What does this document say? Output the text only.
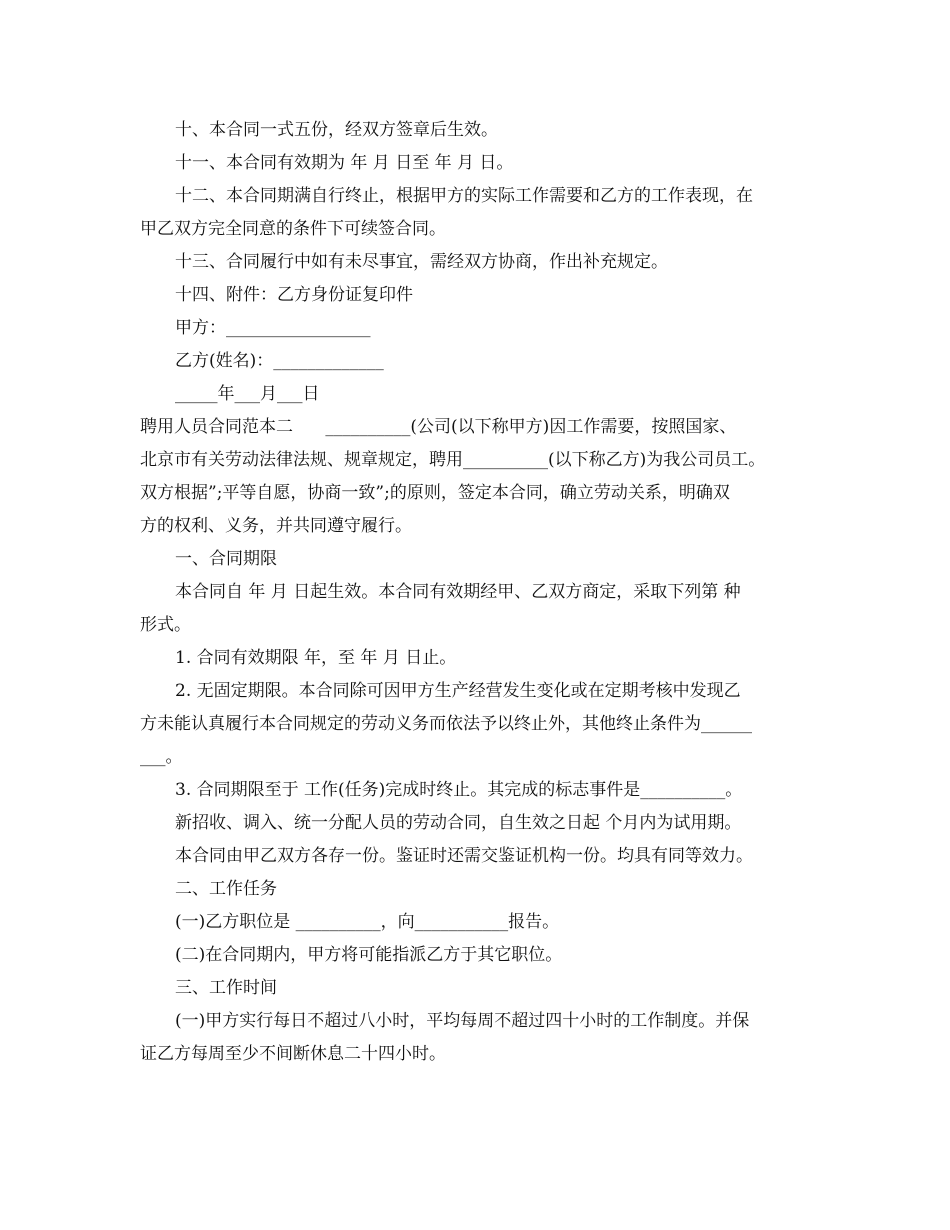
十、本合同一式五份，经双方签章后生效。
十一、本合同有效期为 年 月 日至 年 月 日。
十二、本合同期满自行终止，根据甲方的实际工作需要和乙方的工作表现，在
甲乙双方完全同意的条件下可续签合同。
十三、合同履行中如有未尽事宜，需经双方协商，作出补充规定。
十四、附件：乙方身份证复印件
甲方：_________________
乙方(姓名)：_____________
_____年___月___日
聘用人员合同范本二      __________(公司(以下称甲方)因工作需要，按照国家、
北京市有关劳动法律法规、规章规定，聘用__________(以下称乙方)为我公司员工。
双方根据”;平等自愿，协商一致”;的原则，签定本合同，确立劳动关系，明确双
方的权利、义务，并共同遵守履行。
一、合同期限
本合同自 年 月 日起生效。本合同有效期经甲、乙双方商定，采取下列第 种
形式。
1. 合同有效期限 年，至 年 月 日止。
2. 无固定期限。本合同除可因甲方生产经营发生变化或在定期考核中发现乙
方未能认真履行本合同规定的劳动义务而依法予以终止外，其他终止条件为______
___。
3. 合同期限至于 工作(任务)完成时终止。其完成的标志事件是__________。
新招收、调入、统一分配人员的劳动合同，自生效之日起 个月内为试用期。
本合同由甲乙双方各存一份。鉴证时还需交鉴证机构一份。均具有同等效力。
二、工作任务
(一)乙方职位是 __________，向___________报告。
(二)在合同期内，甲方将可能指派乙方于其它职位。
三、工作时间
(一)甲方实行每日不超过八小时，平均每周不超过四十小时的工作制度。并保
证乙方每周至少不间断休息二十四小时。
